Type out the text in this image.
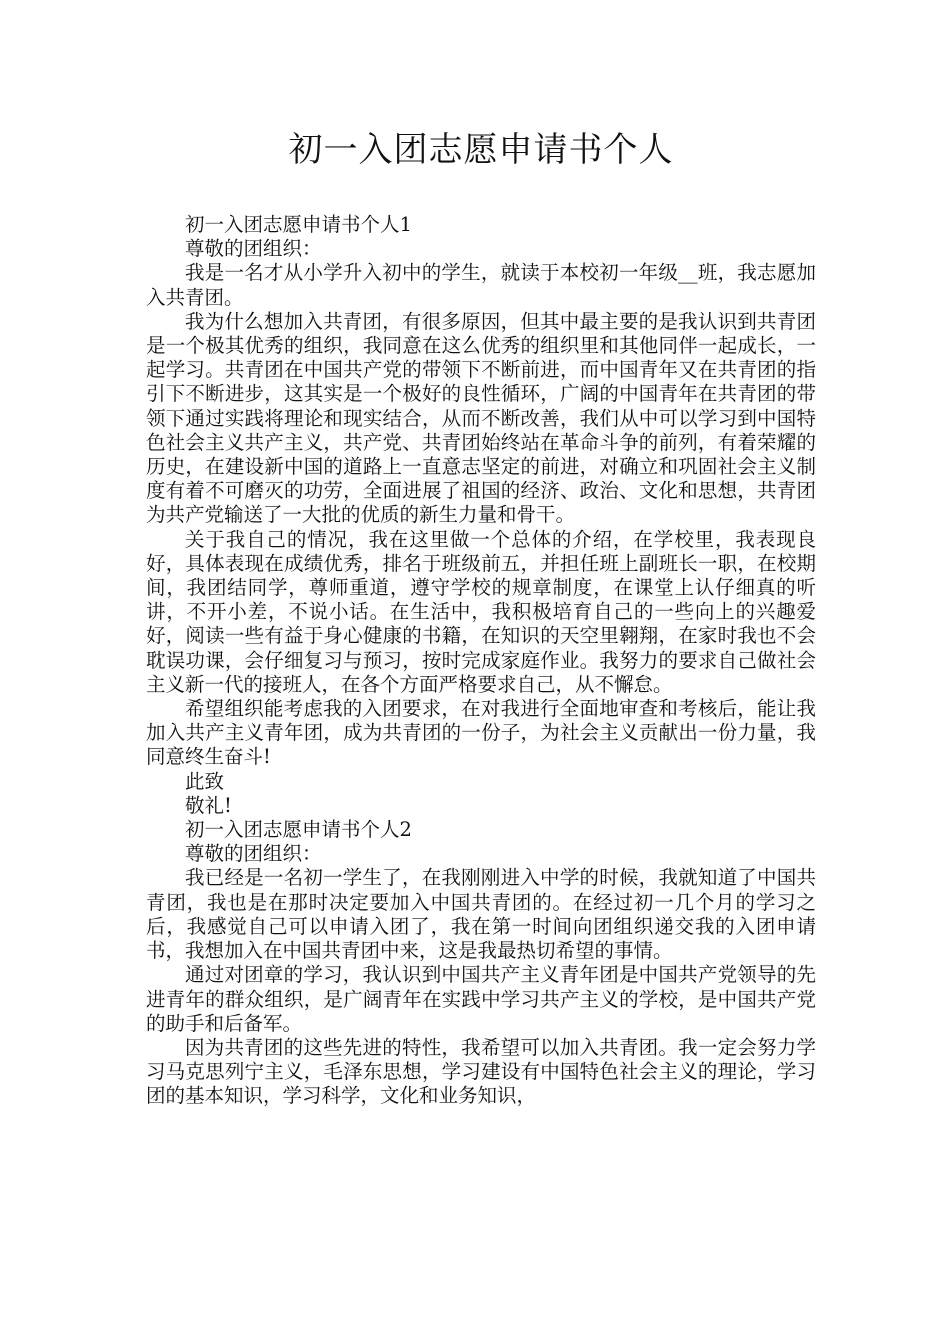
初一入团志愿申请书个人

初一入团志愿申请书个人1

尊敬的团组织：

我是一名才从小学升入初中的学生，就读于本校初一年级__班，我志愿加入共青团。

我为什么想加入共青团，有很多原因，但其中最主要的是我认识到共青团是一个极其优秀的组织，我同意在这么优秀的组织里和其他同伴一起成长，一起学习。共青团在中国共产党的带领下不断前进，而中国青年又在共青团的指引下不断进步，这其实是一个极好的良性循环，广阔的中国青年在共青团的带领下通过实践将理论和现实结合，从而不断改善，我们从中可以学习到中国特色社会主义共产主义，共产党、共青团始终站在革命斗争的前列，有着荣耀的历史，在建设新中国的道路上一直意志坚定的前进，对确立和巩固社会主义制度有着不可磨灭的功劳，全面进展了祖国的经济、政治、文化和思想，共青团为共产党输送了一大批的优质的新生力量和骨干。

关于我自己的情况，我在这里做一个总体的介绍，在学校里，我表现良好，具体表现在成绩优秀，排名于班级前五，并担任班上副班长一职，在校期间，我团结同学，尊师重道，遵守学校的规章制度，在课堂上认仔细真的听讲，不开小差，不说小话。在生活中，我积极培育自己的一些向上的兴趣爱好，阅读一些有益于身心健康的书籍，在知识的天空里翱翔，在家时我也不会耽误功课，会仔细复习与预习，按时完成家庭作业。我努力的要求自己做社会主义新一代的接班人，在各个方面严格要求自己，从不懈怠。

希望组织能考虑我的入团要求，在对我进行全面地审查和考核后，能让我加入共产主义青年团，成为共青团的一份子，为社会主义贡献出一份力量，我同意终生奋斗!

此致

敬礼!

初一入团志愿申请书个人2

尊敬的团组织：

我已经是一名初一学生了，在我刚刚进入中学的时候，我就知道了中国共青团，我也是在那时决定要加入中国共青团的。在经过初一几个月的学习之后，我感觉自己可以申请入团了，我在第一时间向团组织递交我的入团申请书，我想加入在中国共青团中来，这是我最热切希望的事情。

通过对团章的学习，我认识到中国共产主义青年团是中国共产党领导的先进青年的群众组织，是广阔青年在实践中学习共产主义的学校，是中国共产党的助手和后备军。

因为共青团的这些先进的特性，我希望可以加入共青团。我一定会努力学习马克思列宁主义，毛泽东思想，学习建设有中国特色社会主义的理论，学习团的基本知识，学习科学，文化和业务知识，
